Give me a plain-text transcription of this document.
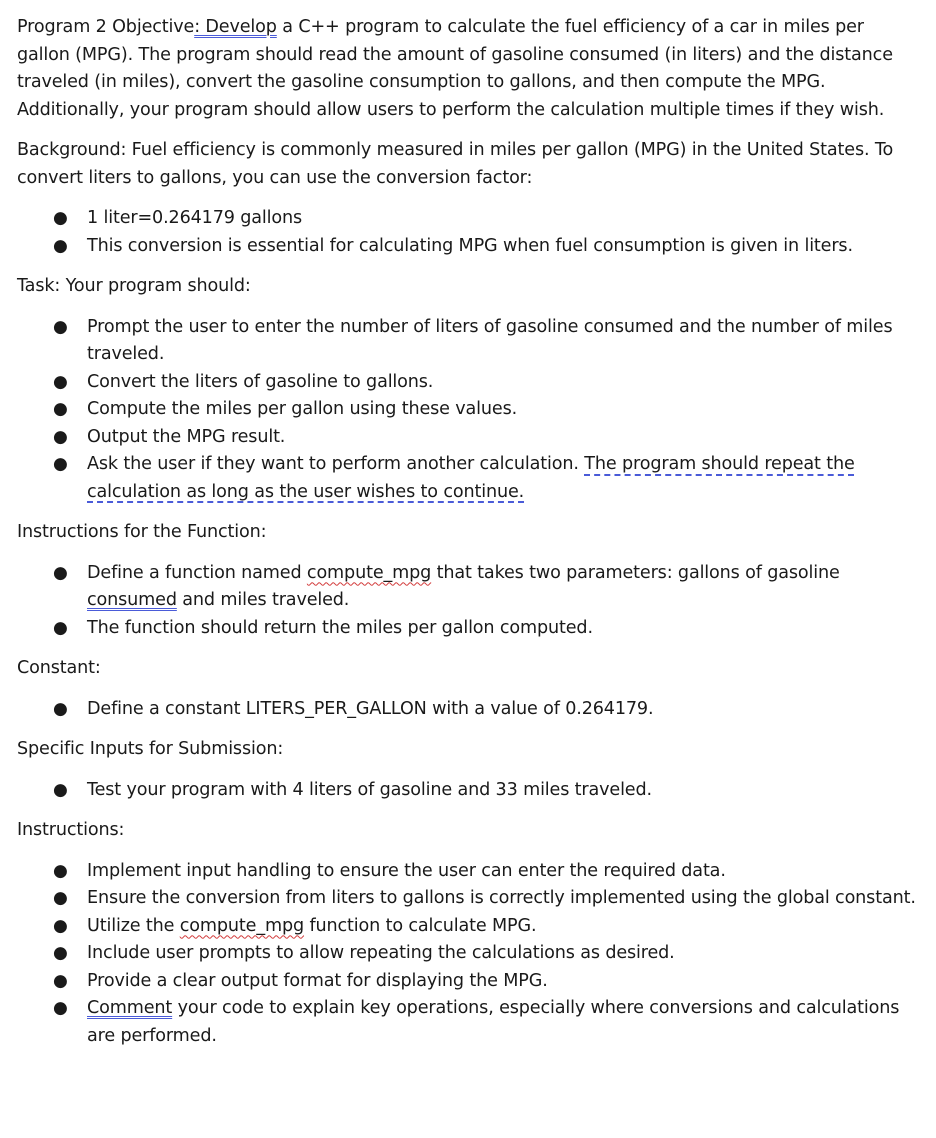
Program 2 Objective: Develop a C++ program to calculate the fuel efficiency of a car in miles per gallon (MPG). The program should read the amount of gasoline consumed (in liters) and the distance traveled (in miles), convert the gasoline consumption to gallons, and then compute the MPG. Additionally, your program should allow users to perform the calculation multiple times if they wish.

Background: Fuel efficiency is commonly measured in miles per gallon (MPG) in the United States. To convert liters to gallons, you can use the conversion factor:

● 1 liter=0.264179 gallons
● This conversion is essential for calculating MPG when fuel consumption is given in liters.

Task: Your program should:

● Prompt the user to enter the number of liters of gasoline consumed and the number of miles traveled.
● Convert the liters of gasoline to gallons.
● Compute the miles per gallon using these values.
● Output the MPG result.
● Ask the user if they want to perform another calculation. The program should repeat the calculation as long as the user wishes to continue.

Instructions for the Function:

● Define a function named compute_mpg that takes two parameters: gallons of gasoline consumed and miles traveled.
● The function should return the miles per gallon computed.

Constant:

● Define a constant LITERS_PER_GALLON with a value of 0.264179.

Specific Inputs for Submission:

● Test your program with 4 liters of gasoline and 33 miles traveled.

Instructions:

● Implement input handling to ensure the user can enter the required data.
● Ensure the conversion from liters to gallons is correctly implemented using the global constant.
● Utilize the compute_mpg function to calculate MPG.
● Include user prompts to allow repeating the calculations as desired.
● Provide a clear output format for displaying the MPG.
● Comment your code to explain key operations, especially where conversions and calculations are performed.
